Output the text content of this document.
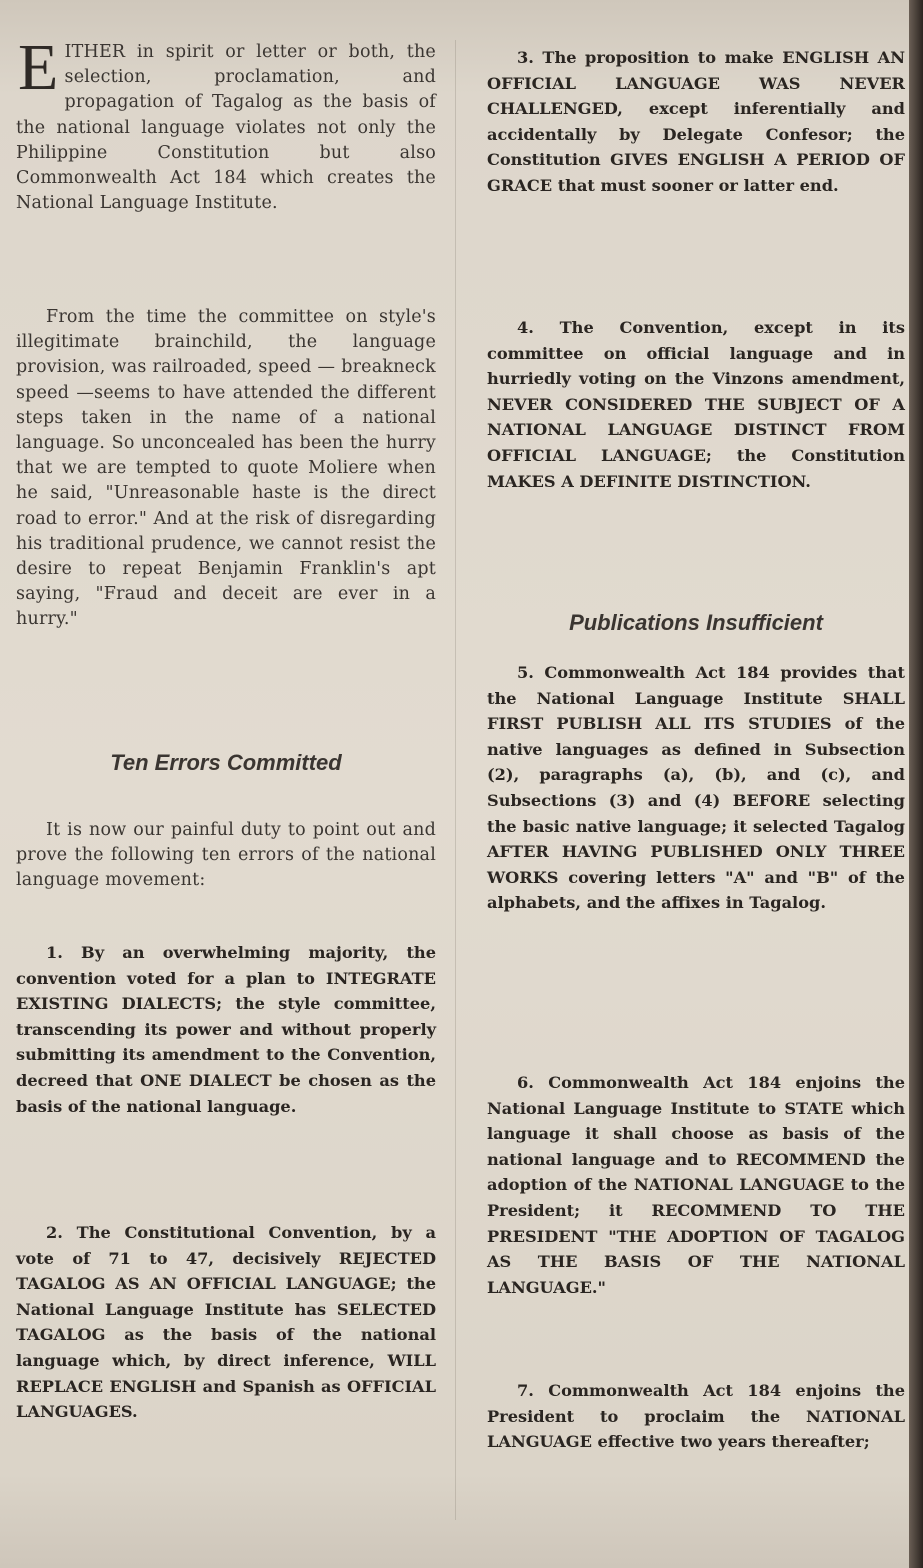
EITHER in spirit or letter or both, the selection, proclamation, and propagation of Tagalog as the basis of the national language violates not only the Philippine Constitution but also Commonwealth Act 184 which creates the National Language Institute.

From the time the committee on style's illegitimate brainchild, the language provision, was railroaded, speed — breakneck speed —seems to have attended the different steps taken in the name of a national language. So unconcealed has been the hurry that we are tempted to quote Moliere when he said, "Unreasonable haste is the direct road to error." And at the risk of disregarding his traditional prudence, we cannot resist the desire to repeat Benjamin Franklin's apt saying, "Fraud and deceit are ever in a hurry."

Ten Errors Committed

It is now our painful duty to point out and prove the following ten errors of the national language movement:

1. By an overwhelming majority, the convention voted for a plan to INTEGRATE EXISTING DIALECTS; the style committee, transcending its power and without properly submitting its amendment to the Convention, decreed that ONE DIALECT be chosen as the basis of the national language.

2. The Constitutional Convention, by a vote of 71 to 47, decisively REJECTED TAGALOG AS AN OFFICIAL LANGUAGE; the National Language Institute has SELECTED TAGALOG as the basis of the national language which, by direct inference, WILL REPLACE ENGLISH and Spanish as OFFICIAL LANGUAGES.

3. The proposition to make ENGLISH AN OFFICIAL LANGUAGE WAS NEVER CHALLENGED, except inferentially and accidentally by Delegate Confesor; the Constitution GIVES ENGLISH A PERIOD OF GRACE that must sooner or latter end.

4. The Convention, except in its committee on official language and in hurriedly voting on the Vinzons amendment, NEVER CONSIDERED THE SUBJECT OF A NATIONAL LANGUAGE DISTINCT FROM OFFICIAL LANGUAGE; the Constitution MAKES A DEFINITE DISTINCTION.

Publications Insufficient

5. Commonwealth Act 184 provides that the National Language Institute SHALL FIRST PUBLISH ALL ITS STUDIES of the native languages as defined in Subsection (2), paragraphs (a), (b), and (c), and Subsections (3) and (4) BEFORE selecting the basic native language; it selected Tagalog AFTER HAVING PUBLISHED ONLY THREE WORKS covering letters "A" and "B" of the alphabets, and the affixes in Tagalog.

6. Commonwealth Act 184 enjoins the National Language Institute to STATE which language it shall choose as basis of the national language and to RECOMMEND the adoption of the NATIONAL LANGUAGE to the President; it RECOMMEND TO THE PRESIDENT "THE ADOPTION OF TAGALOG AS THE BASIS OF THE NATIONAL LANGUAGE."

7. Commonwealth Act 184 enjoins the President to proclaim the NATIONAL LANGUAGE effective two years thereafter;
